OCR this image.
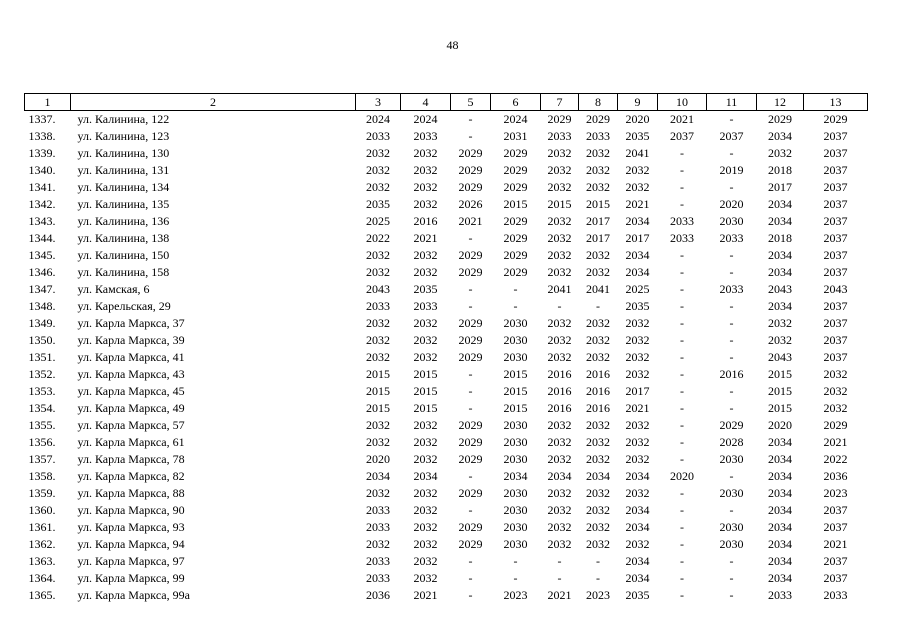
48
1	2	3	4	5	6	7	8	9	10	11	12	13
1337.	ул. Калинина, 122	2024	2024	-	2024	2029	2029	2020	2021	-	2029	2029
1338.	ул. Калинина, 123	2033	2033	-	2031	2033	2033	2035	2037	2037	2034	2037
1339.	ул. Калинина, 130	2032	2032	2029	2029	2032	2032	2041	-	-	2032	2037
1340.	ул. Калинина, 131	2032	2032	2029	2029	2032	2032	2032	-	2019	2018	2037
1341.	ул. Калинина, 134	2032	2032	2029	2029	2032	2032	2032	-	-	2017	2037
1342.	ул. Калинина, 135	2035	2032	2026	2015	2015	2015	2021	-	2020	2034	2037
1343.	ул. Калинина, 136	2025	2016	2021	2029	2032	2017	2034	2033	2030	2034	2037
1344.	ул. Калинина, 138	2022	2021	-	2029	2032	2017	2017	2033	2033	2018	2037
1345.	ул. Калинина, 150	2032	2032	2029	2029	2032	2032	2034	-	-	2034	2037
1346.	ул. Калинина, 158	2032	2032	2029	2029	2032	2032	2034	-	-	2034	2037
1347.	ул. Камская, 6	2043	2035	-	-	2041	2041	2025	-	2033	2043	2043
1348.	ул. Карельская, 29	2033	2033	-	-	-	-	2035	-	-	2034	2037
1349.	ул. Карла Маркса, 37	2032	2032	2029	2030	2032	2032	2032	-	-	2032	2037
1350.	ул. Карла Маркса, 39	2032	2032	2029	2030	2032	2032	2032	-	-	2032	2037
1351.	ул. Карла Маркса, 41	2032	2032	2029	2030	2032	2032	2032	-	-	2043	2037
1352.	ул. Карла Маркса, 43	2015	2015	-	2015	2016	2016	2032	-	2016	2015	2032
1353.	ул. Карла Маркса, 45	2015	2015	-	2015	2016	2016	2017	-	-	2015	2032
1354.	ул. Карла Маркса, 49	2015	2015	-	2015	2016	2016	2021	-	-	2015	2032
1355.	ул. Карла Маркса, 57	2032	2032	2029	2030	2032	2032	2032	-	2029	2020	2029
1356.	ул. Карла Маркса, 61	2032	2032	2029	2030	2032	2032	2032	-	2028	2034	2021
1357.	ул. Карла Маркса, 78	2020	2032	2029	2030	2032	2032	2032	-	2030	2034	2022
1358.	ул. Карла Маркса, 82	2034	2034	-	2034	2034	2034	2034	2020	-	2034	2036
1359.	ул. Карла Маркса, 88	2032	2032	2029	2030	2032	2032	2032	-	2030	2034	2023
1360.	ул. Карла Маркса, 90	2033	2032	-	2030	2032	2032	2034	-	-	2034	2037
1361.	ул. Карла Маркса, 93	2033	2032	2029	2030	2032	2032	2034	-	2030	2034	2037
1362.	ул. Карла Маркса, 94	2032	2032	2029	2030	2032	2032	2032	-	2030	2034	2021
1363.	ул. Карла Маркса, 97	2033	2032	-	-	-	-	2034	-	-	2034	2037
1364.	ул. Карла Маркса, 99	2033	2032	-	-	-	-	2034	-	-	2034	2037
1365.	ул. Карла Маркса, 99а	2036	2021	-	2023	2021	2023	2035	-	-	2033	2033
